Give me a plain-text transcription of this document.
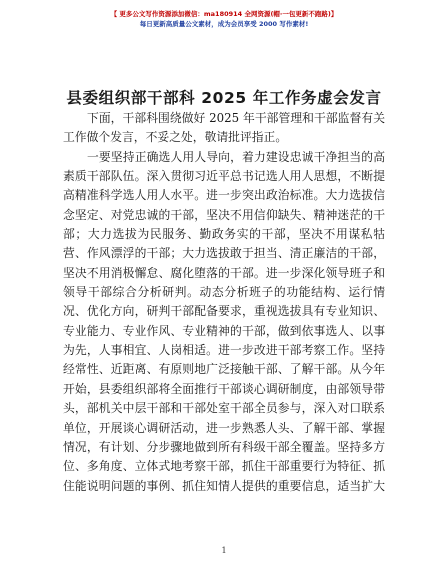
【 更多公文写作资源添加微信：ma180914 全网资源(帽·一包更新不跑路)】
每日更新高质量公文素材，成为会员享受 2000 写作素材!
县委组织部干部科 2025 年工作务虚会发言
下面，干部科围绕做好 2025 年干部管理和干部监督有关
工作做个发言，不妥之处，敬请批评指正。
一要坚持正确选人用人导向，着力建设忠诚干净担当的高
素质干部队伍。深入贯彻习近平总书记选人用人思想，不断提
高精准科学选人用人水平。进一步突出政治标准。大力选拔信
念坚定、对党忠诚的干部，坚决不用信仰缺失、精神迷茫的干
部；大力选拔为民服务、勤政务实的干部，坚决不用谋私牯
营、作风漂浮的干部；大力选拔敢于担当、清正廉洁的干部，
坚决不用消极懈怠、腐化堕落的干部。进一步深化领导班子和
领导干部综合分析研判。动态分析班子的功能结构、运行情
况、优化方向，研判干部配备要求，重视选拔具有专业知识、
专业能力、专业作风、专业精神的干部，做到依事选人、以事
为先，人事相宜、人岗相适。进一步改进干部考察工作。坚持
经常性、近距离、有原则地广泛接触干部、了解干部。从今年
开始，县委组织部将全面推行干部谈心调研制度，由部领导带
头，部机关中层干部和干部处室干部全员参与，深入对口联系
单位，开展谈心调研活动，进一步熟悉人头、了解干部、掌握
情况，有计划、分步骤地做到所有科级干部全覆盖。坚持多方
位、多角度、立体式地考察干部，抓住干部重要行为特征、抓
住能说明问题的事例、抓住知情人提供的重要信息，适当扩大
1
